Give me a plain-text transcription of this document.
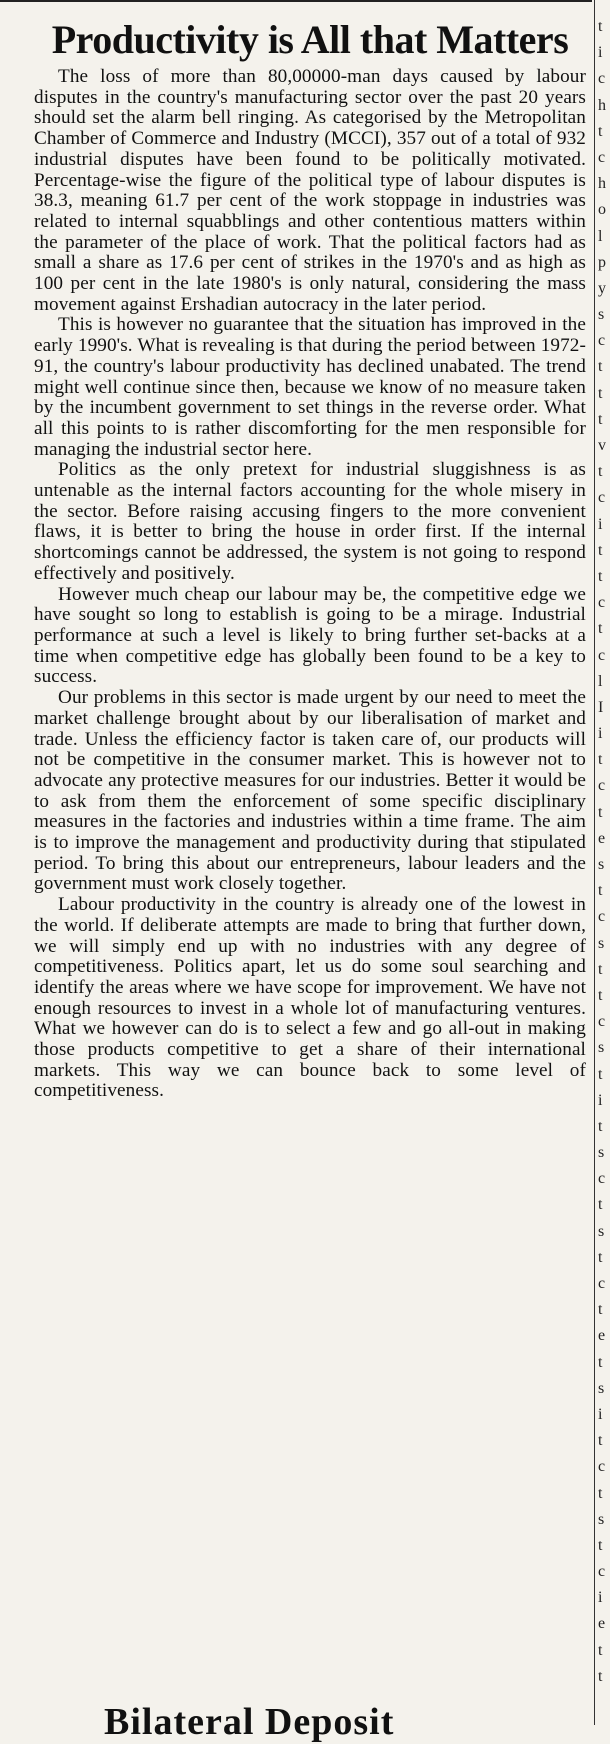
t
i
c
h
t
c
h
o
l
p
y
s
c
t
t
t
v
t
c
i
t
t
c
t
c
l
I
i
t
c
t
e
s
t
c
s
t
t
c
s
t
i
t
s
c
t
s
t
c
t
e
t
s
i
t
c
t
s
t
c
i
e
t
t
Productivity is All that Matters

The loss of more than 80,00000-man days caused by labour disputes in the country's manufacturing sector over the past 20 years should set the alarm bell ringing. As categorised by the Metropolitan Chamber of Commerce and Industry (MCCI), 357 out of a total of 932 industrial disputes have been found to be politically motivated. Percentage-wise the figure of the political type of labour disputes is 38.3, meaning 61.7 per cent of the work stoppage in industries was related to internal squabblings and other contentious matters within the parameter of the place of work. That the political factors had as small a share as 17.6 per cent of strikes in the 1970's and as high as 100 per cent in the late 1980's is only natural, considering the mass movement against Ershadian autocracy in the later period.

This is however no guarantee that the situation has improved in the early 1990's. What is revealing is that during the period between 1972-91, the country's labour productivity has declined unabated. The trend might well continue since then, because we know of no measure taken by the incumbent government to set things in the reverse order. What all this points to is rather discomforting for the men responsible for managing the industrial sector here.

Politics as the only pretext for industrial sluggishness is as untenable as the internal factors accounting for the whole misery in the sector. Before raising accusing fingers to the more convenient flaws, it is better to bring the house in order first. If the internal shortcomings cannot be addressed, the system is not going to respond effectively and positively.

However much cheap our labour may be, the competitive edge we have sought so long to establish is going to be a mirage. Industrial performance at such a level is likely to bring further set-backs at a time when competitive edge has globally been found to be a key to success.

Our problems in this sector is made urgent by our need to meet the market challenge brought about by our liberalisation of market and trade. Unless the efficiency factor is taken care of, our products will not be competitive in the consumer market. This is however not to advocate any protective measures for our industries. Better it would be to ask from them the enforcement of some specific disciplinary measures in the factories and industries within a time frame. The aim is to improve the management and productivity during that stipulated period. To bring this about our entrepreneurs, labour leaders and the government must work closely together.

Labour productivity in the country is already one of the lowest in the world. If deliberate attempts are made to bring that further down, we will simply end up with no industries with any degree of competitiveness. Politics apart, let us do some soul searching and identify the areas where we have scope for improvement. We have not enough resources to invest in a whole lot of manufacturing ventures. What we however can do is to select a few and go all-out in making those products competitive to get a share of their international markets. This way we can bounce back to some level of competitiveness.

Bilateral Deposit
